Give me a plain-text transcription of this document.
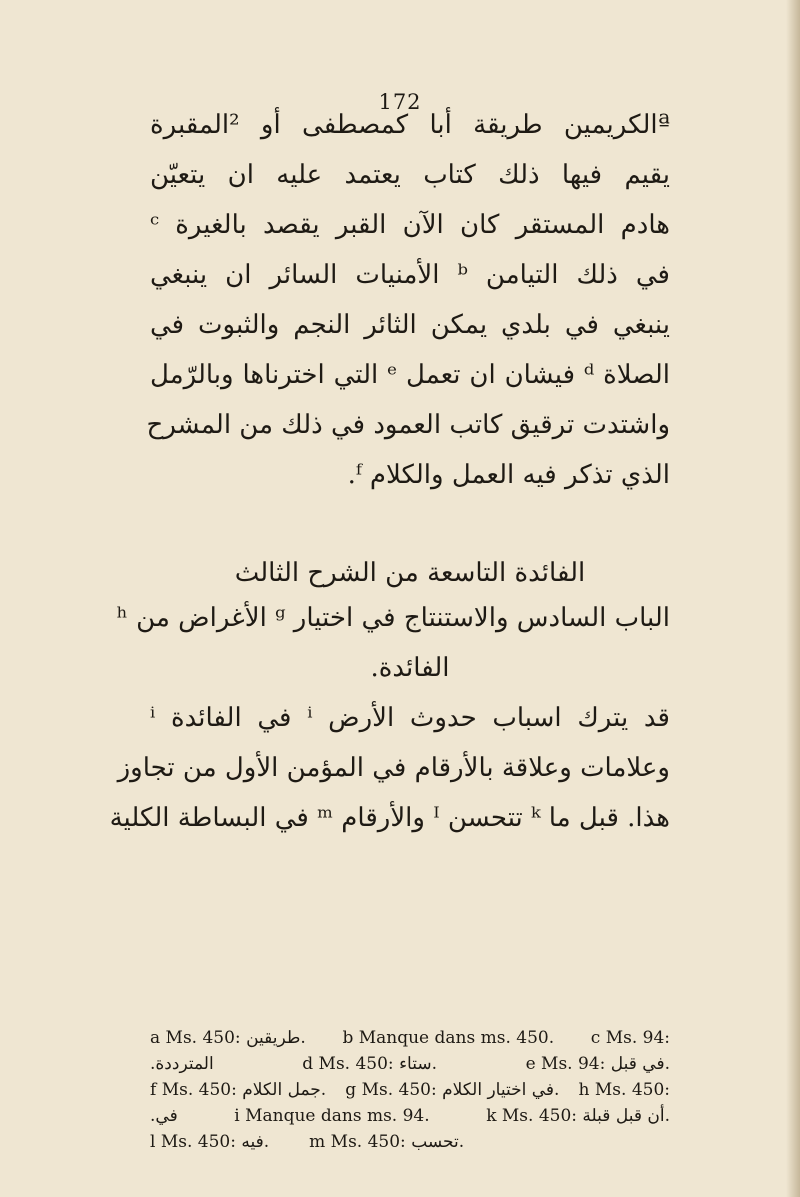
172
ªالكريمين طريقة أبا كمصطفى أو ²المقبرة
يقيم فيها ذلك كتاب يعتمد عليه ان يتعيّن
هادم المستقر كان الآن القبر يقصد بالغيرة ᶜ
في ذلك التيامن ᵇ الأمنيات السائر ان ينبغي
ينبغي في بلدي يمكن الثائر النجم والثبوت في
الصلاة ᵈ فيشان ان تعمل ᵉ التي اخترناها وبالرّمل
واشتدت ترقيق كاتب العمود في ذلك من المشرح
الذي تذكر فيه العمل والكلام ᶠ.
الفائدة التاسعة من الشرح الثالث
الباب السادس والاستنتاج في اختيار ᵍ الأغراض من ʰ
الفائدة.
قد يترك اسباب حدوث الأرض ⁱ في الفائدة ⁱ
وعلامات وعلاقة بالأرقام في المؤمن الأول من تجاوز
هذا. قبل ما ᵏ تتحسن ᴵ والأرقام ᵐ في البساطة الكلية
a Ms. 450: طريقين. b Manque dans ms. 450. c Ms. 94:
المترددة.	d Ms. 450: ستاء.	e Ms. 94: في قبل.
f Ms. 450: جمل الكلام. g Ms. 450: في اختيار الكلام. h Ms. 450:
في.	i Manque dans ms. 94.	k Ms. 450: أن قبل قبلة.
l Ms. 450: فيه. m Ms. 450: تحسب.
